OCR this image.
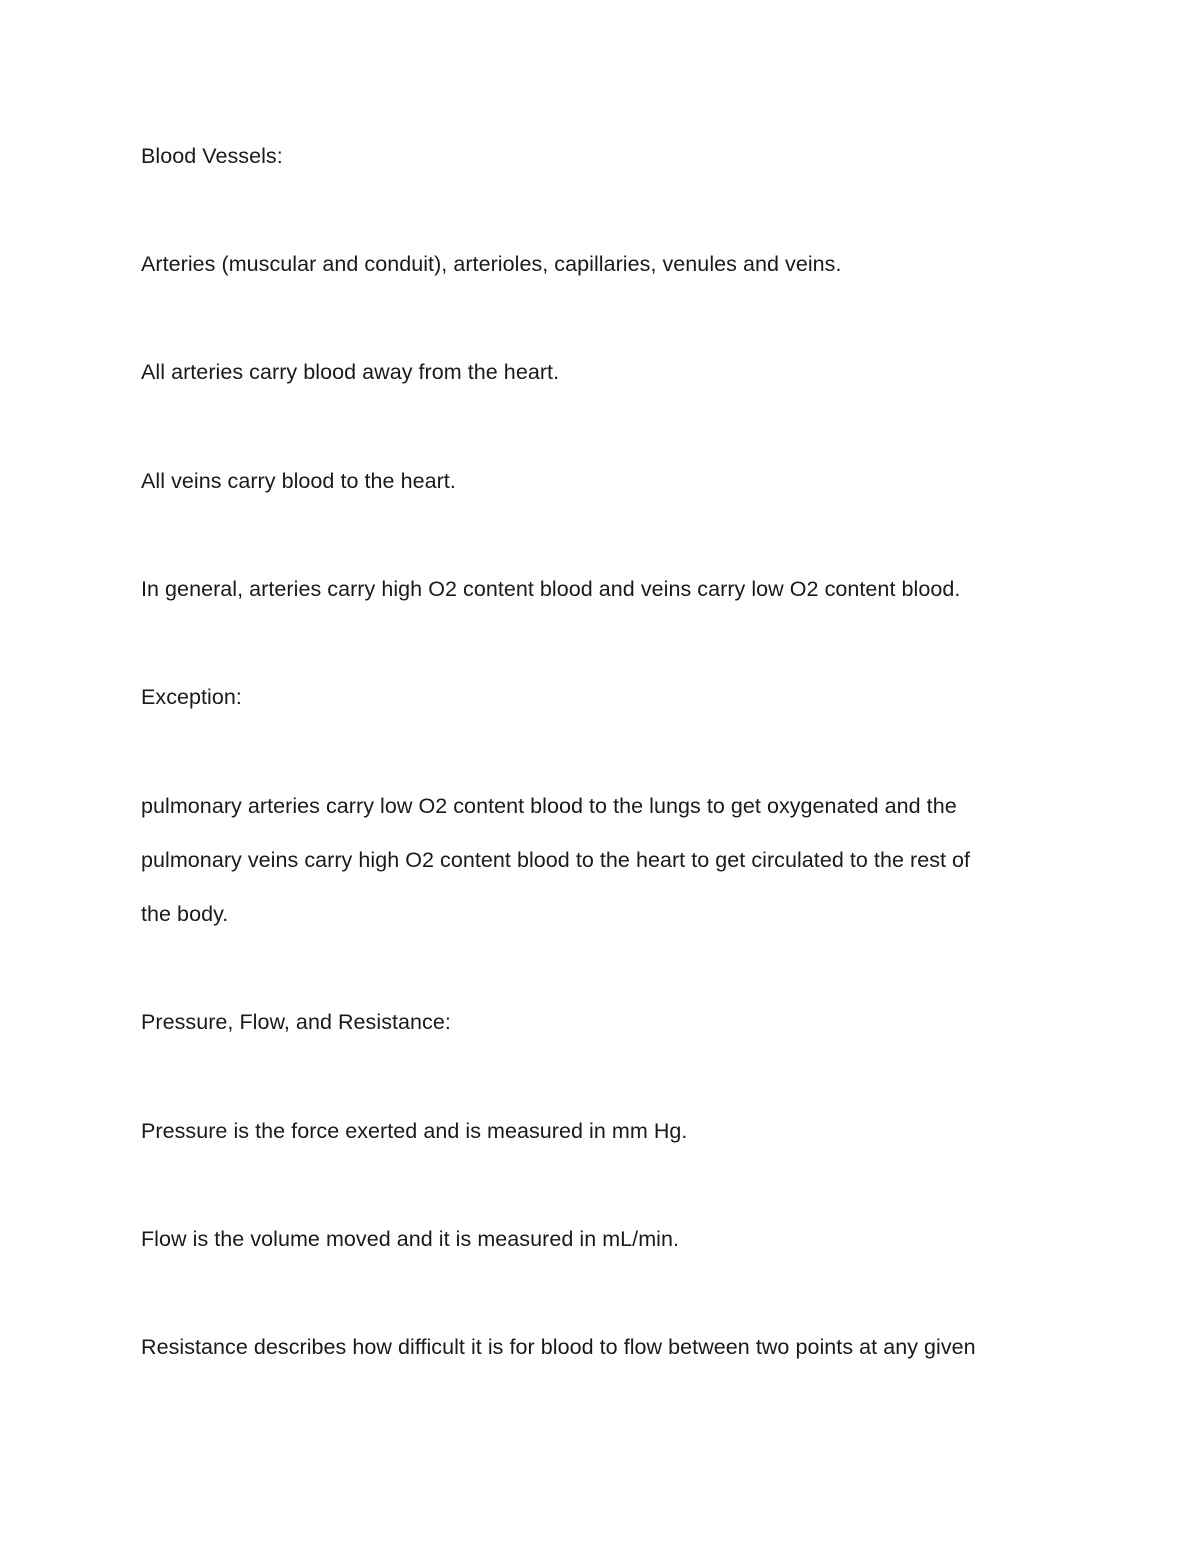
Blood Vessels:
Arteries (muscular and conduit), arterioles, capillaries, venules and veins.
All arteries carry blood away from the heart.
All veins carry blood to the heart.
In general, arteries carry high O2 content blood and veins carry low O2 content blood.
Exception:
pulmonary arteries carry low O2 content blood to the lungs to get oxygenated and the
pulmonary veins carry high O2 content blood to the heart to get circulated to the rest of
the body.
Pressure, Flow, and Resistance:
Pressure is the force exerted and is measured in mm Hg.
Flow is the volume moved and it is measured in mL/min.
Resistance describes how difficult it is for blood to flow between two points at any given
